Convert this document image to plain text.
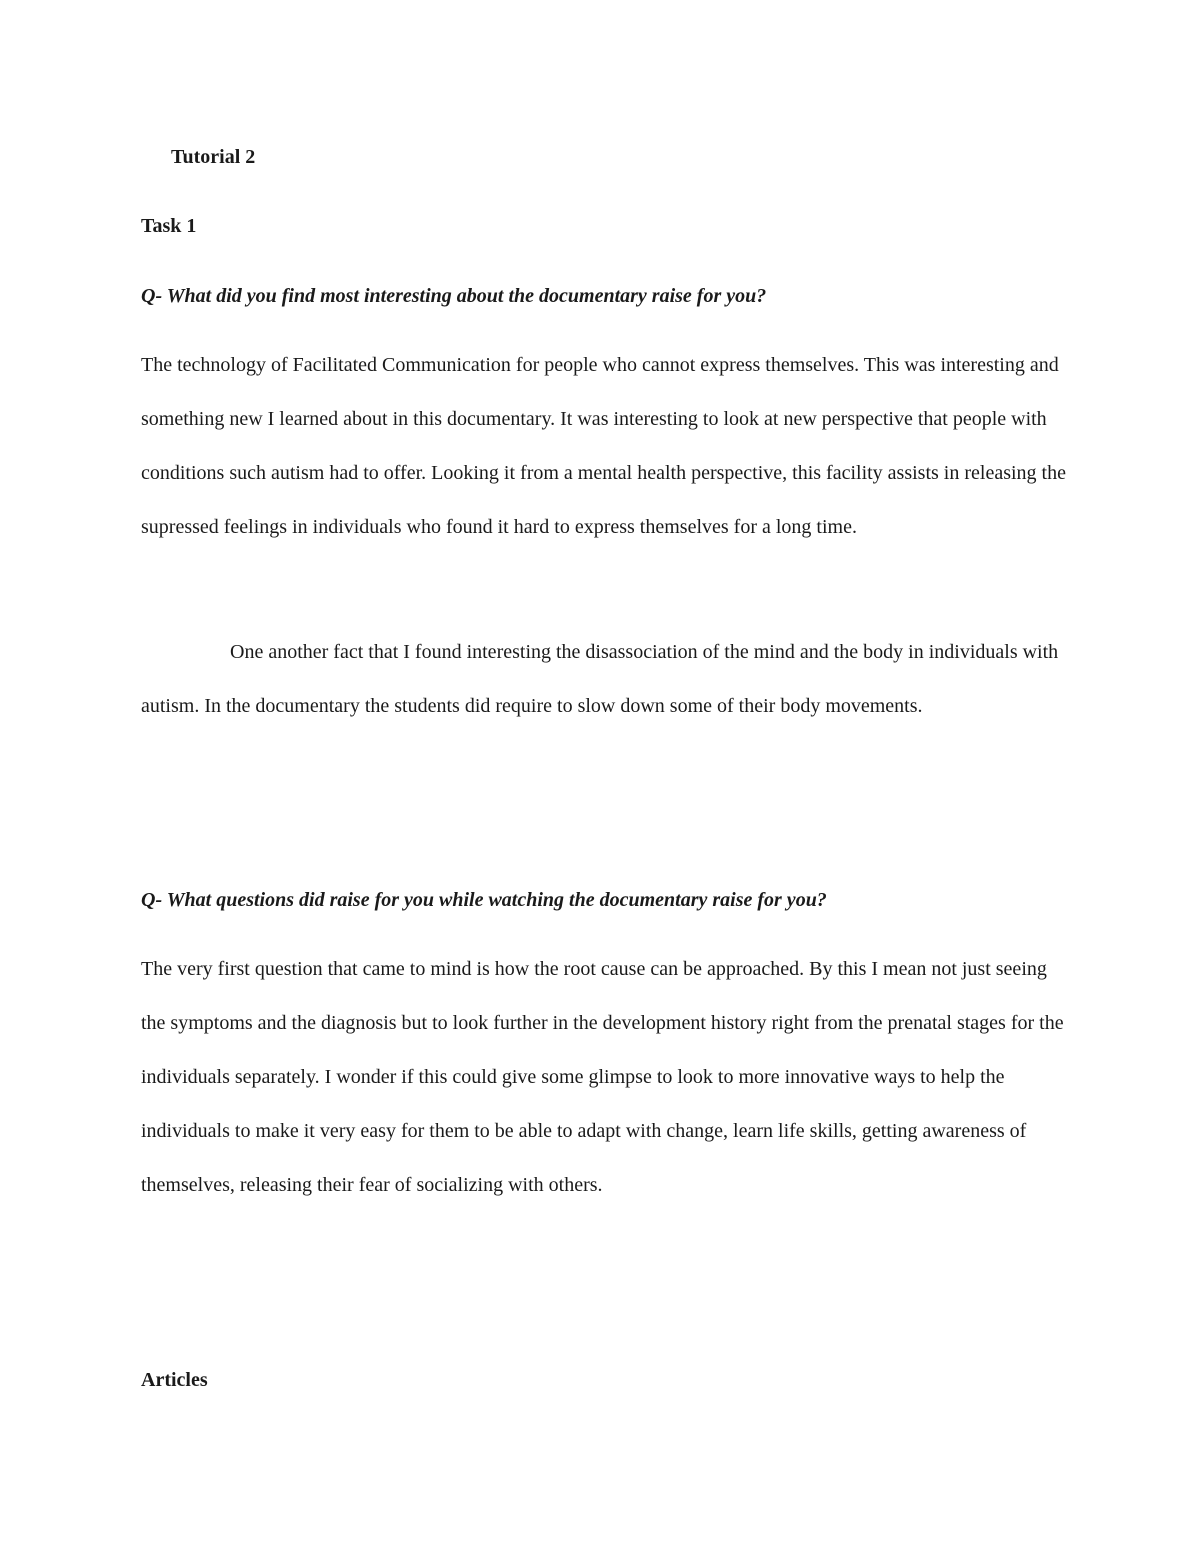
Tutorial 2
Task 1

Q- What did you find most interesting about the documentary raise for you?

The technology of Facilitated Communication for people who cannot express themselves. This was interesting and something new I learned about in this documentary. It was interesting to look at new perspective that people with conditions such autism had to offer. Looking it from a mental health perspective, this facility assists in releasing the supressed feelings in individuals who found it hard to express themselves for a long time.

One another fact that I found interesting the disassociation of the mind and the body in individuals with autism. In the documentary the students did require to slow down some of their body movements.

Q- What questions did raise for you while watching the documentary raise for you?

The very first question that came to mind is how the root cause can be approached. By this I mean not just seeing the symptoms and the diagnosis but to look further in the development history right from the prenatal stages for the individuals separately. I wonder if this could give some glimpse to look to more innovative ways to help the individuals to make it very easy for them to be able to adapt with change, learn life skills, getting awareness of themselves, releasing their fear of socializing with others.

Articles
